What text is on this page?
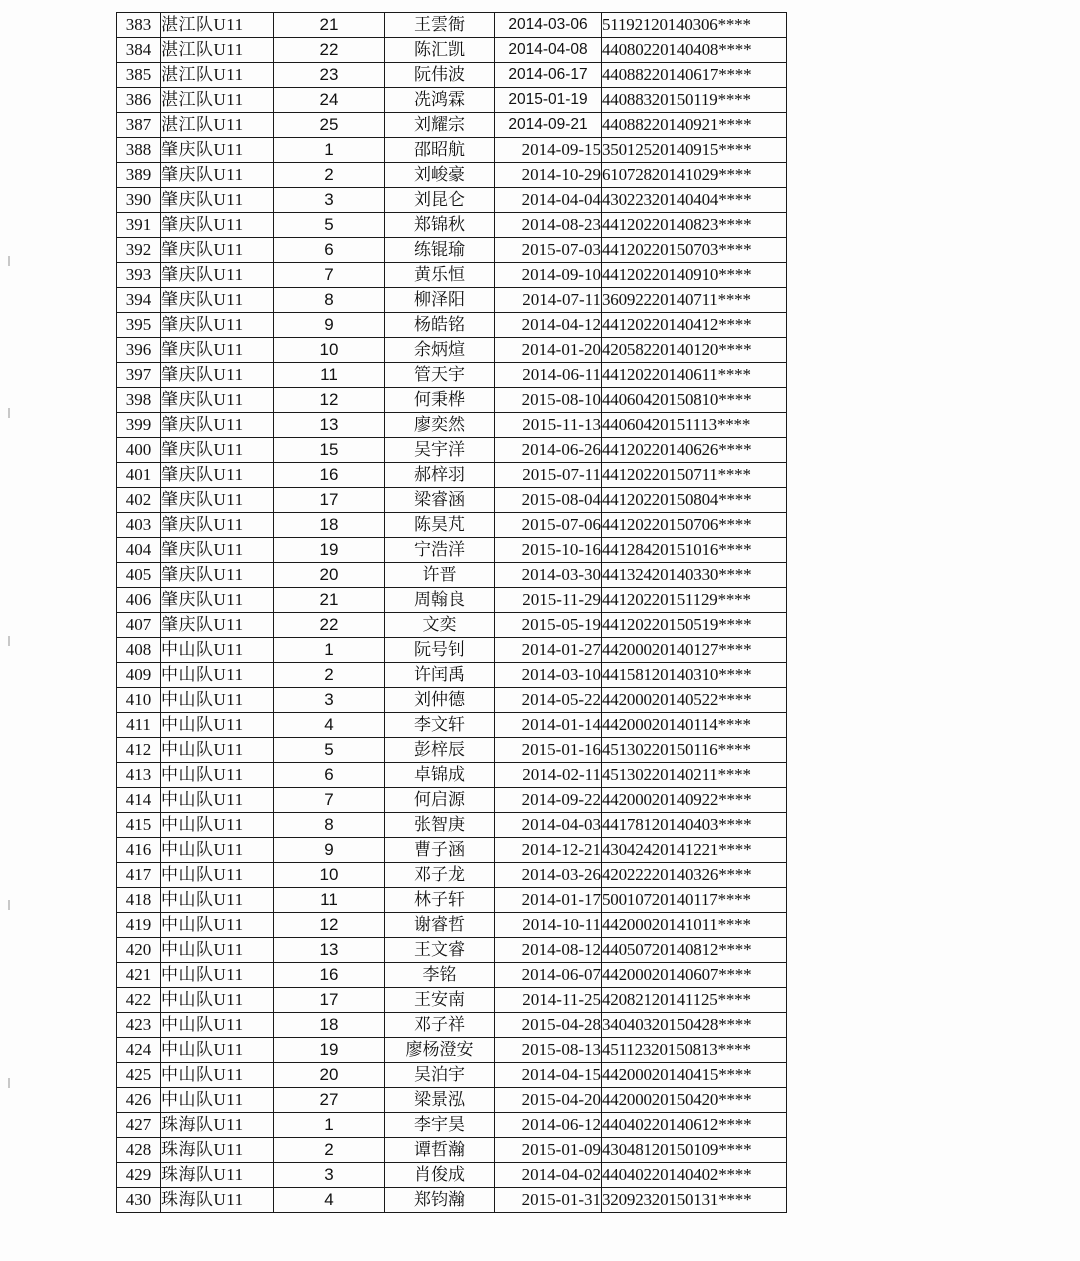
383	湛江队U11	21	王雲衙	2014-03-06	51192120140306****
384	湛江队U11	22	陈汇凯	2014-04-08	44080220140408****
385	湛江队U11	23	阮伟波	2014-06-17	44088220140617****
386	湛江队U11	24	冼鸿霖	2015-01-19	44088320150119****
387	湛江队U11	25	刘耀宗	2014-09-21	44088220140921****
388	肇庆队U11	1	邵昭航	2014-09-15	35012520140915****
389	肇庆队U11	2	刘峻豪	2014-10-29	61072820141029****
390	肇庆队U11	3	刘昆仑	2014-04-04	43022320140404****
391	肇庆队U11	5	郑锦秋	2014-08-23	44120220140823****
392	肇庆队U11	6	练锟瑜	2015-07-03	44120220150703****
393	肇庆队U11	7	黄乐恒	2014-09-10	44120220140910****
394	肇庆队U11	8	柳泽阳	2014-07-11	36092220140711****
395	肇庆队U11	9	杨皓铭	2014-04-12	44120220140412****
396	肇庆队U11	10	余炳煊	2014-01-20	42058220140120****
397	肇庆队U11	11	管天宇	2014-06-11	44120220140611****
398	肇庆队U11	12	何秉桦	2015-08-10	44060420150810****
399	肇庆队U11	13	廖奕然	2015-11-13	44060420151113****
400	肇庆队U11	15	吴宇洋	2014-06-26	44120220140626****
401	肇庆队U11	16	郝梓羽	2015-07-11	44120220150711****
402	肇庆队U11	17	梁睿涵	2015-08-04	44120220150804****
403	肇庆队U11	18	陈昊芃	2015-07-06	44120220150706****
404	肇庆队U11	19	宁浩洋	2015-10-16	44128420151016****
405	肇庆队U11	20	许晋	2014-03-30	44132420140330****
406	肇庆队U11	21	周翰良	2015-11-29	44120220151129****
407	肇庆队U11	22	文奕	2015-05-19	44120220150519****
408	中山队U11	1	阮号钊	2014-01-27	44200020140127****
409	中山队U11	2	许闰禹	2014-03-10	44158120140310****
410	中山队U11	3	刘仲德	2014-05-22	44200020140522****
411	中山队U11	4	李文轩	2014-01-14	44200020140114****
412	中山队U11	5	彭梓辰	2015-01-16	45130220150116****
413	中山队U11	6	卓锦成	2014-02-11	45130220140211****
414	中山队U11	7	何启源	2014-09-22	44200020140922****
415	中山队U11	8	张智庚	2014-04-03	44178120140403****
416	中山队U11	9	曹子涵	2014-12-21	43042420141221****
417	中山队U11	10	邓子龙	2014-03-26	42022220140326****
418	中山队U11	11	林子轩	2014-01-17	50010720140117****
419	中山队U11	12	谢睿哲	2014-10-11	44200020141011****
420	中山队U11	13	王文睿	2014-08-12	44050720140812****
421	中山队U11	16	李铭	2014-06-07	44200020140607****
422	中山队U11	17	王安南	2014-11-25	42082120141125****
423	中山队U11	18	邓子祥	2015-04-28	34040320150428****
424	中山队U11	19	廖杨澄安	2015-08-13	45112320150813****
425	中山队U11	20	吴泊宇	2014-04-15	44200020140415****
426	中山队U11	27	梁景泓	2015-04-20	44200020150420****
427	珠海队U11	1	李宇昊	2014-06-12	44040220140612****
428	珠海队U11	2	谭哲瀚	2015-01-09	43048120150109****
429	珠海队U11	3	肖俊成	2014-04-02	44040220140402****
430	珠海队U11	4	郑钧瀚	2015-01-31	32092320150131****
